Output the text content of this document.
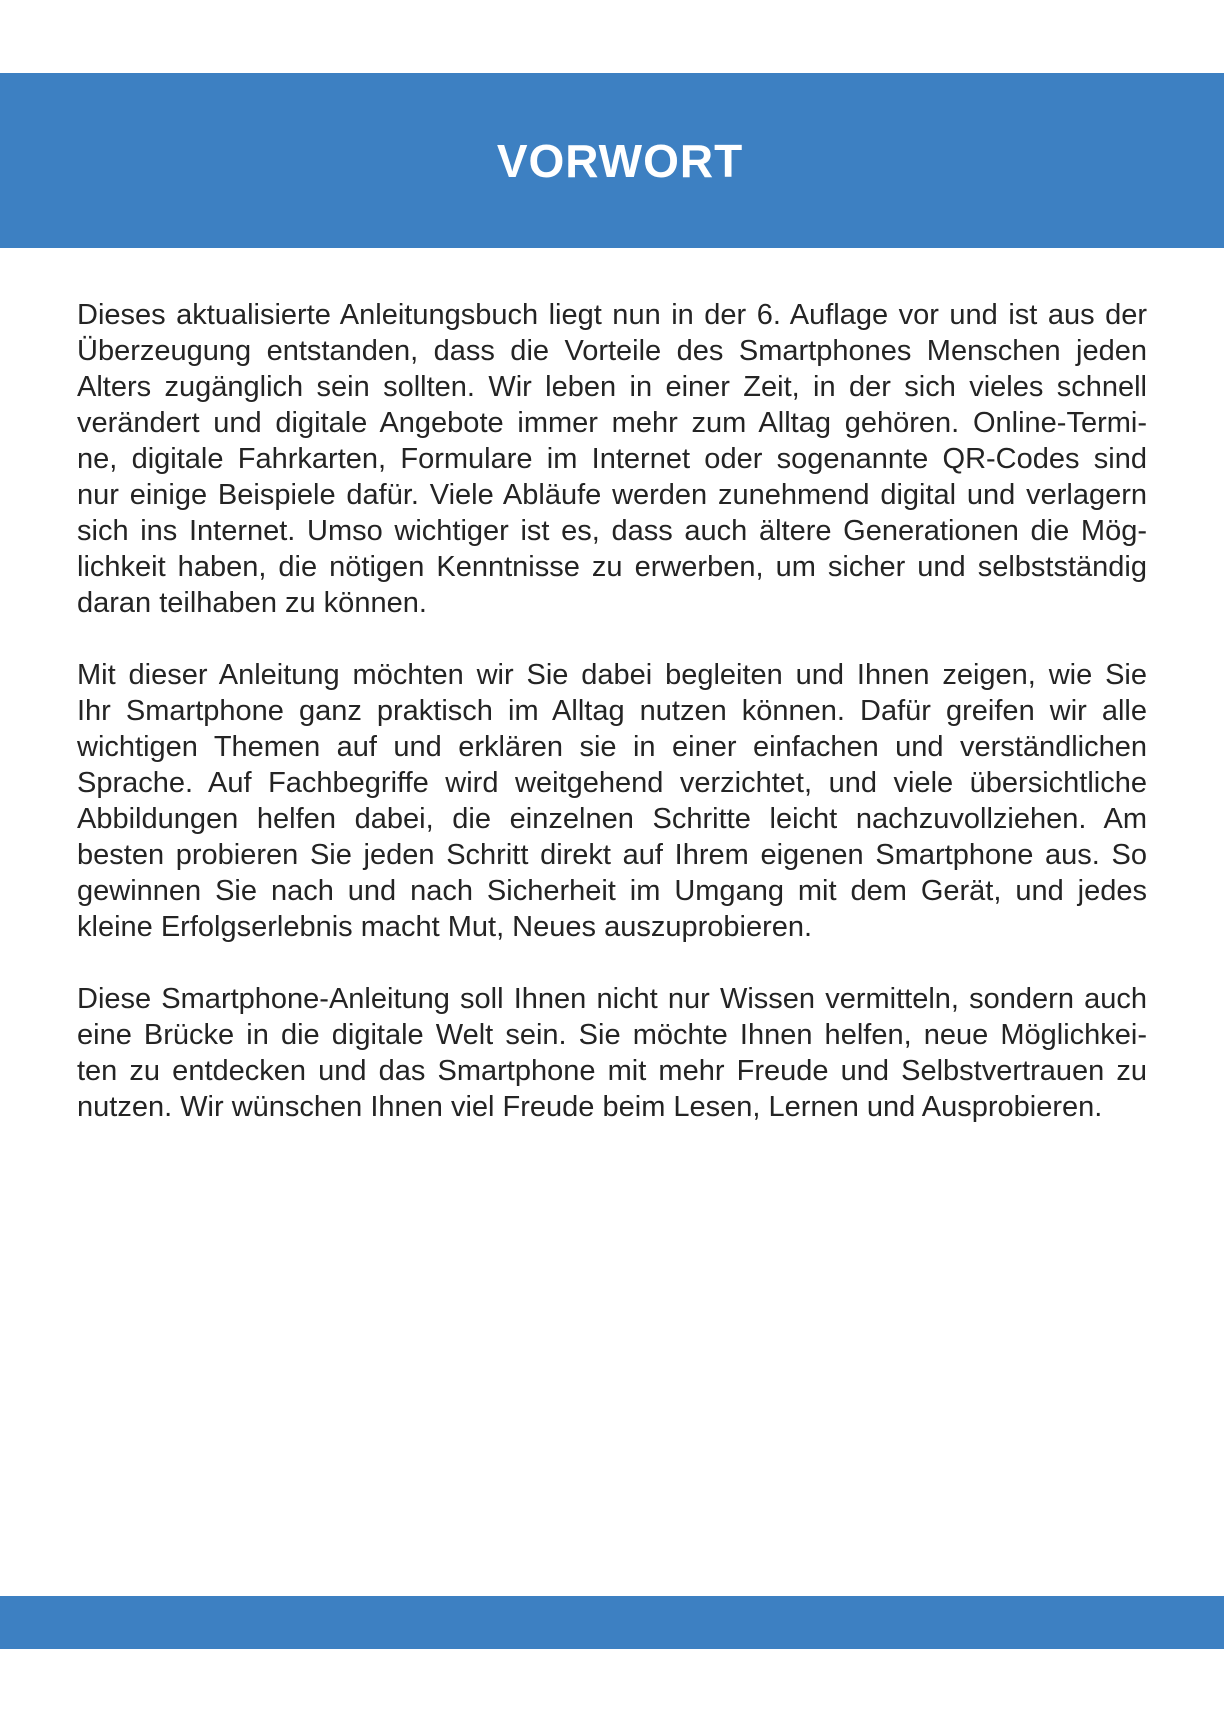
VORWORT
Dieses aktualisierte Anleitungsbuch liegt nun in der 6. Auflage vor und ist aus der
Überzeugung entstanden, dass die Vorteile des Smartphones Menschen jeden
Alters zugänglich sein sollten. Wir leben in einer Zeit, in der sich vieles schnell
verändert und digitale Angebote immer mehr zum Alltag gehören. Online-Termi-
ne, digitale Fahrkarten, Formulare im Internet oder sogenannte QR-Codes sind
nur einige Beispiele dafür. Viele Abläufe werden zunehmend digital und verlagern
sich ins Internet. Umso wichtiger ist es, dass auch ältere Generationen die Mög-
lichkeit haben, die nötigen Kenntnisse zu erwerben, um sicher und selbstständig
daran teilhaben zu können.
Mit dieser Anleitung möchten wir Sie dabei begleiten und Ihnen zeigen, wie Sie
Ihr Smartphone ganz praktisch im Alltag nutzen können. Dafür greifen wir alle
wichtigen Themen auf und erklären sie in einer einfachen und verständlichen
Sprache. Auf Fachbegriffe wird weitgehend verzichtet, und viele übersichtliche
Abbildungen helfen dabei, die einzelnen Schritte leicht nachzuvollziehen. Am
besten probieren Sie jeden Schritt direkt auf Ihrem eigenen Smartphone aus. So
gewinnen Sie nach und nach Sicherheit im Umgang mit dem Gerät, und jedes
kleine Erfolgserlebnis macht Mut, Neues auszuprobieren.
Diese Smartphone-Anleitung soll Ihnen nicht nur Wissen vermitteln, sondern auch
eine Brücke in die digitale Welt sein. Sie möchte Ihnen helfen, neue Möglichkei-
ten zu entdecken und das Smartphone mit mehr Freude und Selbstvertrauen zu
nutzen. Wir wünschen Ihnen viel Freude beim Lesen, Lernen und Ausprobieren.
